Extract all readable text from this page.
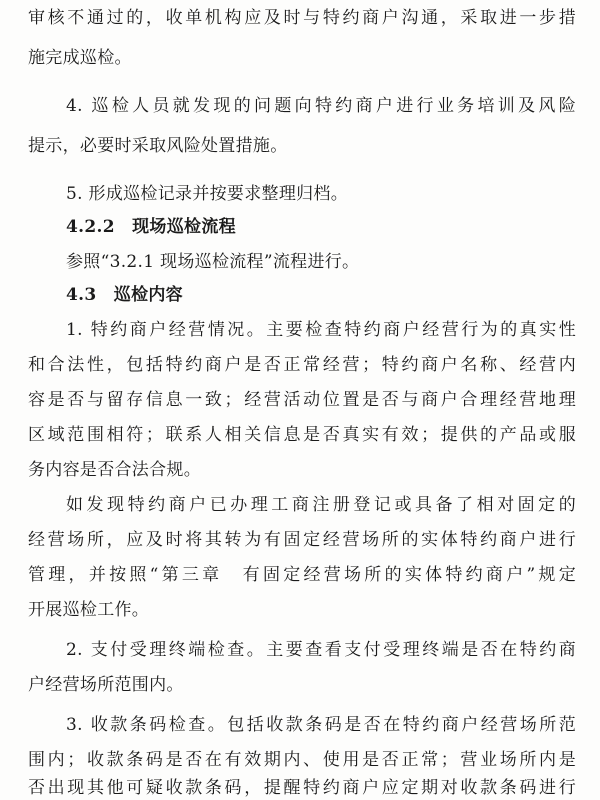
审核不通过的，收单机构应及时与特约商户沟通，采取进一步措
施完成巡检。
4. 巡检人员就发现的问题向特约商户进行业务培训及风险
提示，必要时采取风险处置措施。
5. 形成巡检记录并按要求整理归档。
4.2.2　现场巡检流程
参照“3.2.1 现场巡检流程”流程进行。
4.3　巡检内容
1. 特约商户经营情况。主要检查特约商户经营行为的真实性
和合法性，包括特约商户是否正常经营；特约商户名称、经营内
容是否与留存信息一致；经营活动位置是否与商户合理经营地理
区域范围相符；联系人相关信息是否真实有效；提供的产品或服
务内容是否合法合规。
如发现特约商户已办理工商注册登记或具备了相对固定的
经营场所，应及时将其转为有固定经营场所的实体特约商户进行
管理，并按照“第三章　有固定经营场所的实体特约商户”规定
开展巡检工作。
2. 支付受理终端检查。主要查看支付受理终端是否在特约商
户经营场所范围内。
3. 收款条码检查。包括收款条码是否在特约商户经营场所范
围内；收款条码是否在有效期内、使用是否正常；营业场所内是
否出现其他可疑收款条码，提醒特约商户应定期对收款条码进行
